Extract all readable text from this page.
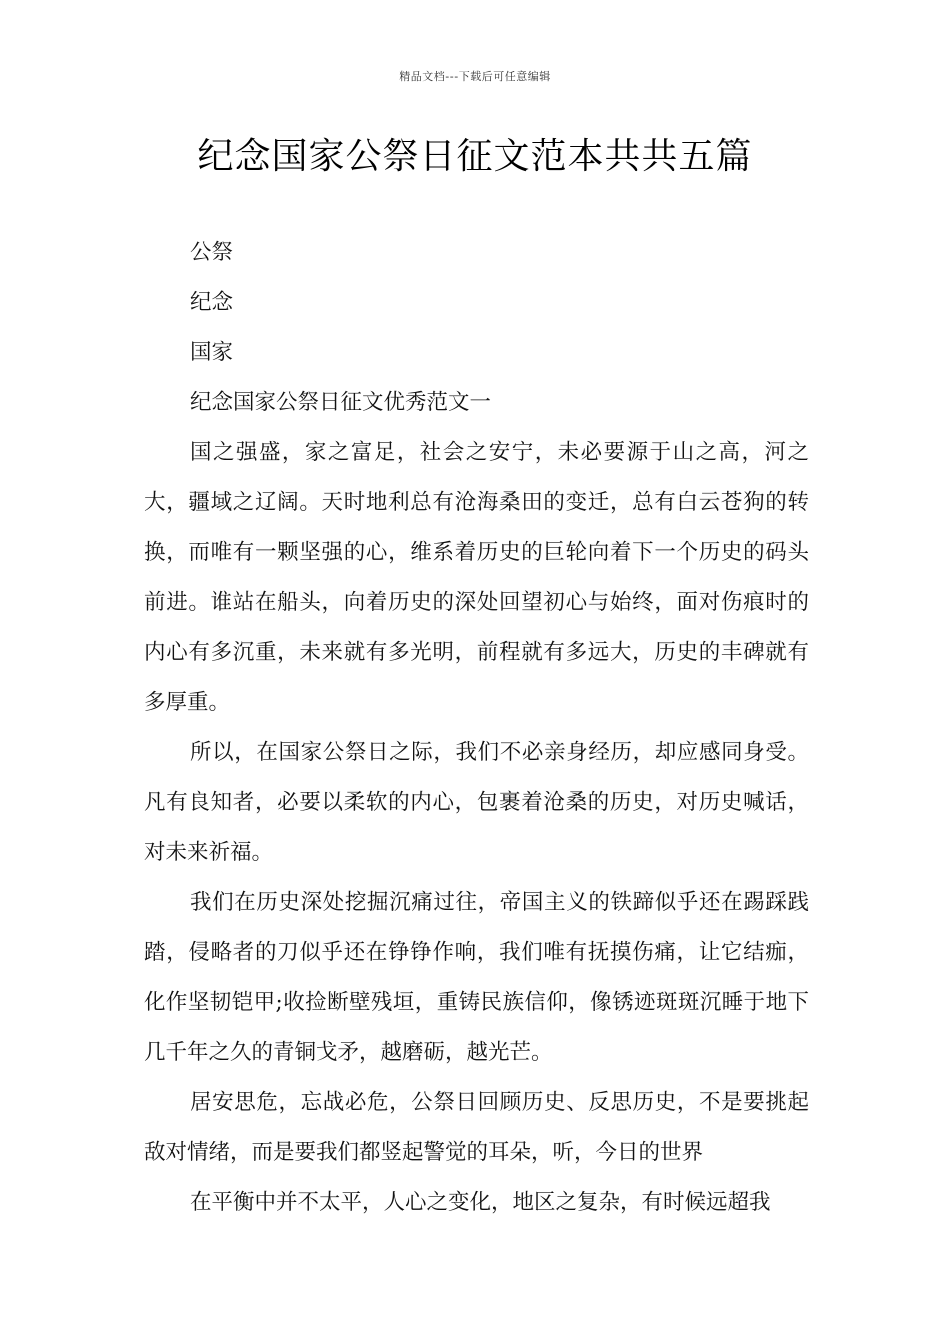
精品文档---下载后可任意编辑
纪念国家公祭日征文范本共共五篇

公祭

纪念

国家

纪念国家公祭日征文优秀范文一

国之强盛，家之富足，社会之安宁，未必要源于山之高，河之大，疆域之辽阔。天时地利总有沧海桑田的变迁，总有白云苍狗的转换，而唯有一颗坚强的心，维系着历史的巨轮向着下一个历史的码头前进。谁站在船头，向着历史的深处回望初心与始终，面对伤痕时的内心有多沉重，未来就有多光明，前程就有多远大，历史的丰碑就有多厚重。

所以，在国家公祭日之际，我们不必亲身经历，却应感同身受。凡有良知者，必要以柔软的内心，包裹着沧桑的历史，对历史喊话，对未来祈福。

我们在历史深处挖掘沉痛过往，帝国主义的铁蹄似乎还在踢踩践踏，侵略者的刀似乎还在铮铮作响，我们唯有抚摸伤痛，让它结痂，化作坚韧铠甲;收捡断壁残垣，重铸民族信仰，像锈迹斑斑沉睡于地下几千年之久的青铜戈矛，越磨砺，越光芒。

居安思危，忘战必危，公祭日回顾历史、反思历史，不是要挑起敌对情绪，而是要我们都竖起警觉的耳朵，听，今日的世界

在平衡中并不太平，人心之变化，地区之复杂，有时候远超我
